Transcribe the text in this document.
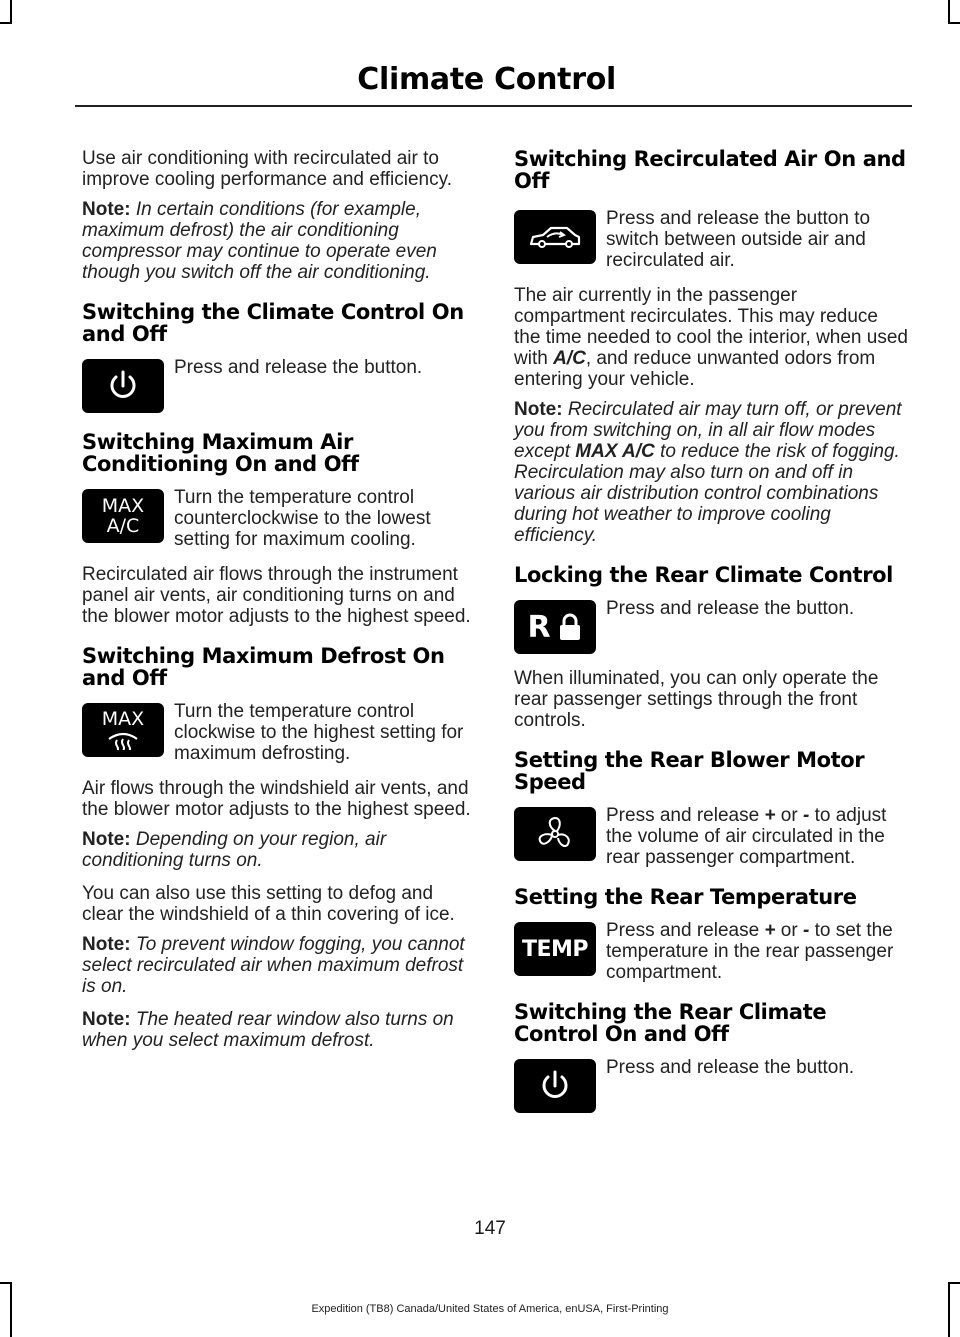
Climate Control

Use air conditioning with recirculated air to improve cooling performance and efficiency.

Note: In certain conditions (for example, maximum defrost) the air conditioning compressor may continue to operate even though you switch off the air conditioning.

Switching the Climate Control On and Off

Press and release the button.

Switching Maximum Air Conditioning On and Off
MAX
A/C

Turn the temperature control counterclockwise to the lowest setting for maximum cooling.

Recirculated air flows through the instrument panel air vents, air conditioning turns on and the blower motor adjusts to the highest speed.

Switching Maximum Defrost On and Off
MAX Turn the temperature control clockwise to the highest setting for maximum defrosting.

Air flows through the windshield air vents, and the blower motor adjusts to the highest speed.

Note: Depending on your region, air conditioning turns on.

You can also use this setting to defog and clear the windshield of a thin covering of ice.

Note: To prevent window fogging, you cannot select recirculated air when maximum defrost is on.

Note: The heated rear window also turns on when you select maximum defrost.

Switching Recirculated Air On and Off

Press and release the button to switch between outside air and recirculated air.

The air currently in the passenger compartment recirculates. This may reduce the time needed to cool the interior, when used with A/C, and reduce unwanted odors from entering your vehicle.

Note: Recirculated air may turn off, or prevent you from switching on, in all air flow modes except MAX A/C to reduce the risk of fogging. Recirculation may also turn on and off in various air distribution control combinations during hot weather to improve cooling efficiency.

Locking the Rear Climate Control
R

Press and release the button.

When illuminated, you can only operate the rear passenger settings through the front controls.

Setting the Rear Blower Motor Speed

Press and release + or - to adjust the volume of air circulated in the rear passenger compartment.

Setting the Rear Temperature
TEMP

Press and release + or - to set the temperature in the rear passenger compartment.

Switching the Rear Climate Control On and Off

Press and release the button.

147
Expedition (TB8) Canada/United States of America, enUSA, First-Printing
